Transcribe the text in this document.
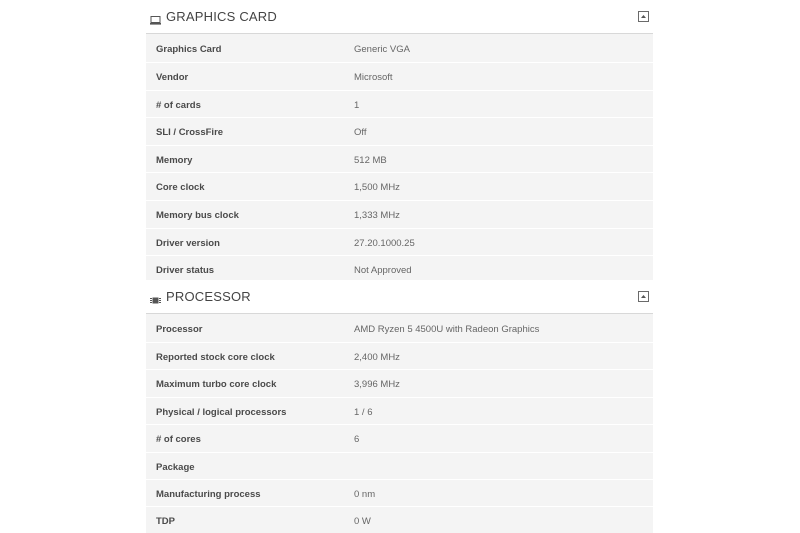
GRAPHICS CARD
Graphics Card	Generic VGA
Vendor	Microsoft
# of cards	1
SLI / CrossFire	Off
Memory	512 MB
Core clock	1,500 MHz
Memory bus clock	1,333 MHz
Driver version	27.20.1000.25
Driver status	Not Approved
PROCESSOR
Processor	AMD Ryzen 5 4500U with Radeon Graphics
Reported stock core clock	2,400 MHz
Maximum turbo core clock	3,996 MHz
Physical / logical processors	1 / 6
# of cores	6
Package
Manufacturing process	0 nm
TDP	0 W
